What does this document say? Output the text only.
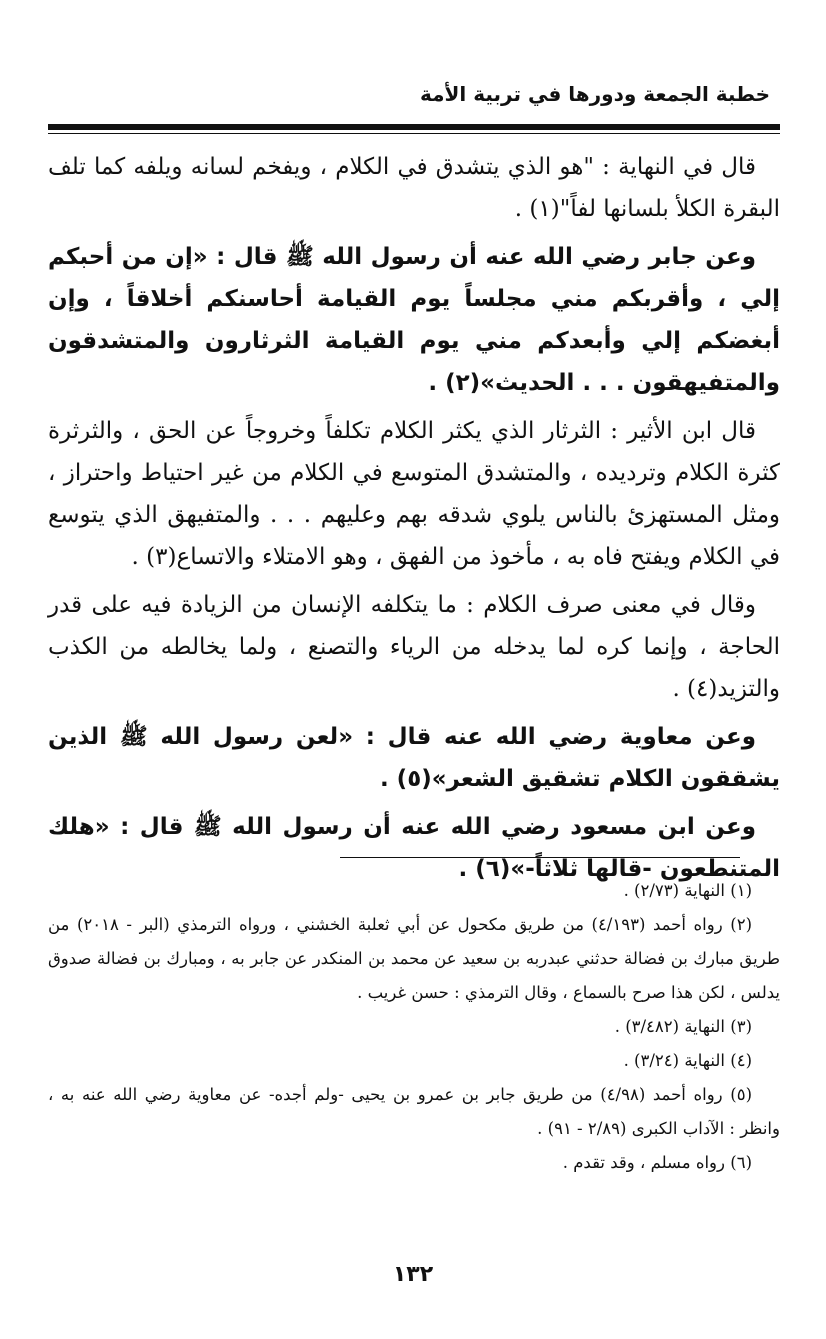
خطبة الجمعة ودورها في تربية الأمة

قال في النهاية : "هو الذي يتشدق في الكلام ، ويفخم لسانه ويلفه كما تلف البقرة الكلأ بلسانها لفاً"(١) .

وعن جابر رضي الله عنه أن رسول الله ﷺ قال : «إن من أحبكم إلي ، وأقربكم مني مجلساً يوم القيامة أحاسنكم أخلاقاً ، وإن أبغضكم إلي وأبعدكم مني يوم القيامة الثرثارون والمتشدقون والمتفيهقون . . . الحديث»(٢) .

قال ابن الأثير : الثرثار الذي يكثر الكلام تكلفاً وخروجاً عن الحق ، والثرثرة كثرة الكلام وترديده ، والمتشدق المتوسع في الكلام من غير احتياط واحتراز ، ومثل المستهزئ بالناس يلوي شدقه بهم وعليهم . . . والمتفيهق الذي يتوسع في الكلام ويفتح فاه به ، مأخوذ من الفهق ، وهو الامتلاء والاتساع(٣) .

وقال في معنى صرف الكلام : ما يتكلفه الإنسان من الزيادة فيه على قدر الحاجة ، وإنما كره لما يدخله من الرياء والتصنع ، ولما يخالطه من الكذب والتزيد(٤) .

وعن معاوية رضي الله عنه قال : «لعن رسول الله ﷺ الذين يشققون الكلام تشقيق الشعر»(٥) .

وعن ابن مسعود رضي الله عنه أن رسول الله ﷺ قال : «هلك المتنطعون -قالها ثلاثاً-»(٦) .

(١) النهاية (٢/٧٣) .

(٢) رواه أحمد (٤/١٩٣) من طريق مكحول عن أبي ثعلبة الخشني ، ورواه الترمذي (البر - ٢٠١٨) من طريق مبارك بن فضالة حدثني عبدربه بن سعيد عن محمد بن المنكدر عن جابر به ، ومبارك بن فضالة صدوق يدلس ، لكن هذا صرح بالسماع ، وقال الترمذي : حسن غريب .

(٣) النهاية (٣/٤٨٢) .

(٤) النهاية (٣/٢٤) .

(٥) رواه أحمد (٤/٩٨) من طريق جابر بن عمرو بن يحيى -ولم أجده- عن معاوية رضي الله عنه به ، وانظر : الآداب الكبرى (٢/٨٩ - ٩١) .

(٦) رواه مسلم ، وقد تقدم .

١٣٢
